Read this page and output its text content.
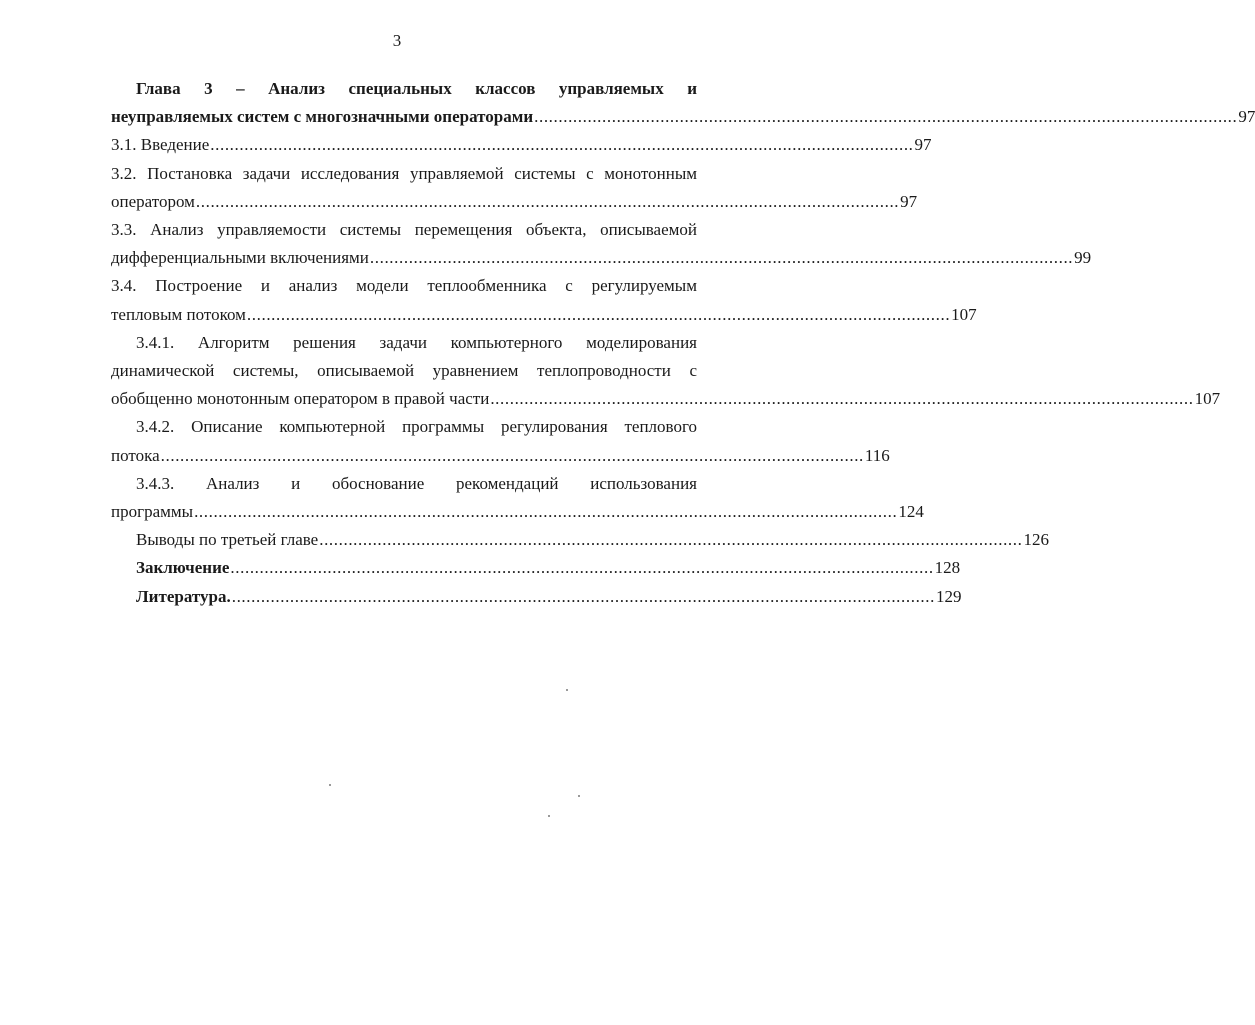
3
Глава 3 – Анализ специальных классов управляемых и
неуправляемых систем с многозначными операторами ................................................................................................................................................. 97
3.1. Введение ................................................................................................................................................. 97
3.2. Постановка задачи исследования управляемой системы с монотонным
оператором ................................................................................................................................................. 97
3.3. Анализ управляемости системы перемещения объекта, описываемой
дифференциальными включениями ................................................................................................................................................. 99
3.4. Построение и анализ модели теплообменника с регулируемым
тепловым потоком ................................................................................................................................................. 107
3.4.1. Алгоритм решения задачи компьютерного моделирования
динамической системы, описываемой уравнением теплопроводности с
обобщенно монотонным оператором в правой части ................................................................................................................................................. 107
3.4.2. Описание компьютерной программы регулирования теплового
потока ................................................................................................................................................. 116
3.4.3. Анализ и обоснование рекомендаций использования
программы ................................................................................................................................................. 124
Выводы по третьей главе ................................................................................................................................................. 126
Заключение ................................................................................................................................................. 128
Литература. ................................................................................................................................................. 129
